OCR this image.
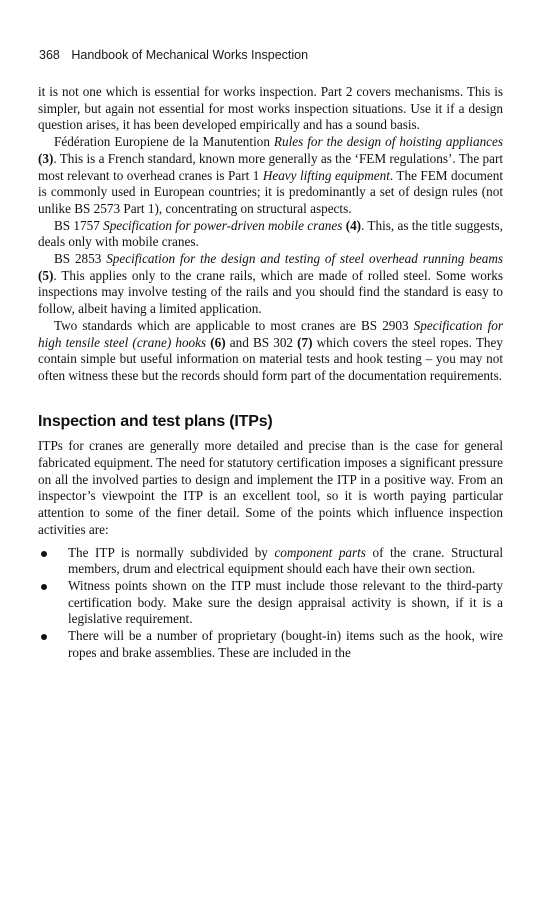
368 Handbook of Mechanical Works Inspection

it is not one which is essential for works inspection. Part 2 covers mechanisms. This is simpler, but again not essential for most works inspection situations. Use it if a design question arises, it has been developed empirically and has a sound basis.

Fédération Europiene de la Manutention Rules for the design of hoisting appliances (3). This is a French standard, known more generally as the ‘FEM regulations’. The part most relevant to overhead cranes is Part 1 Heavy lifting equipment. The FEM document is commonly used in European countries; it is predominantly a set of design rules (not unlike BS 2573 Part 1), concentrating on structural aspects.

BS 1757 Specification for power-driven mobile cranes (4). This, as the title suggests, deals only with mobile cranes.

BS 2853 Specification for the design and testing of steel overhead running beams (5). This applies only to the crane rails, which are made of rolled steel. Some works inspections may involve testing of the rails and you should find the standard is easy to follow, albeit having a limited application.

Two standards which are applicable to most cranes are BS 2903 Specification for high tensile steel (crane) hooks (6) and BS 302 (7) which covers the steel ropes. They contain simple but useful information on material tests and hook testing – you may not often witness these but the records should form part of the documentation requirements.

Inspection and test plans (ITPs)

ITPs for cranes are generally more detailed and precise than is the case for general fabricated equipment. The need for statutory certification imposes a significant pressure on all the involved parties to design and implement the ITP in a positive way. From an inspector’s viewpoint the ITP is an excellent tool, so it is worth paying particular attention to some of the finer detail. Some of the points which influence inspection activities are:

The ITP is normally subdivided by component parts of the crane. Structural members, drum and electrical equipment should each have their own section.
Witness points shown on the ITP must include those relevant to the third-party certification body. Make sure the design appraisal activity is shown, if it is a legislative requirement.
There will be a number of proprietary (bought-in) items such as the hook, wire ropes and brake assemblies. These are included in the
